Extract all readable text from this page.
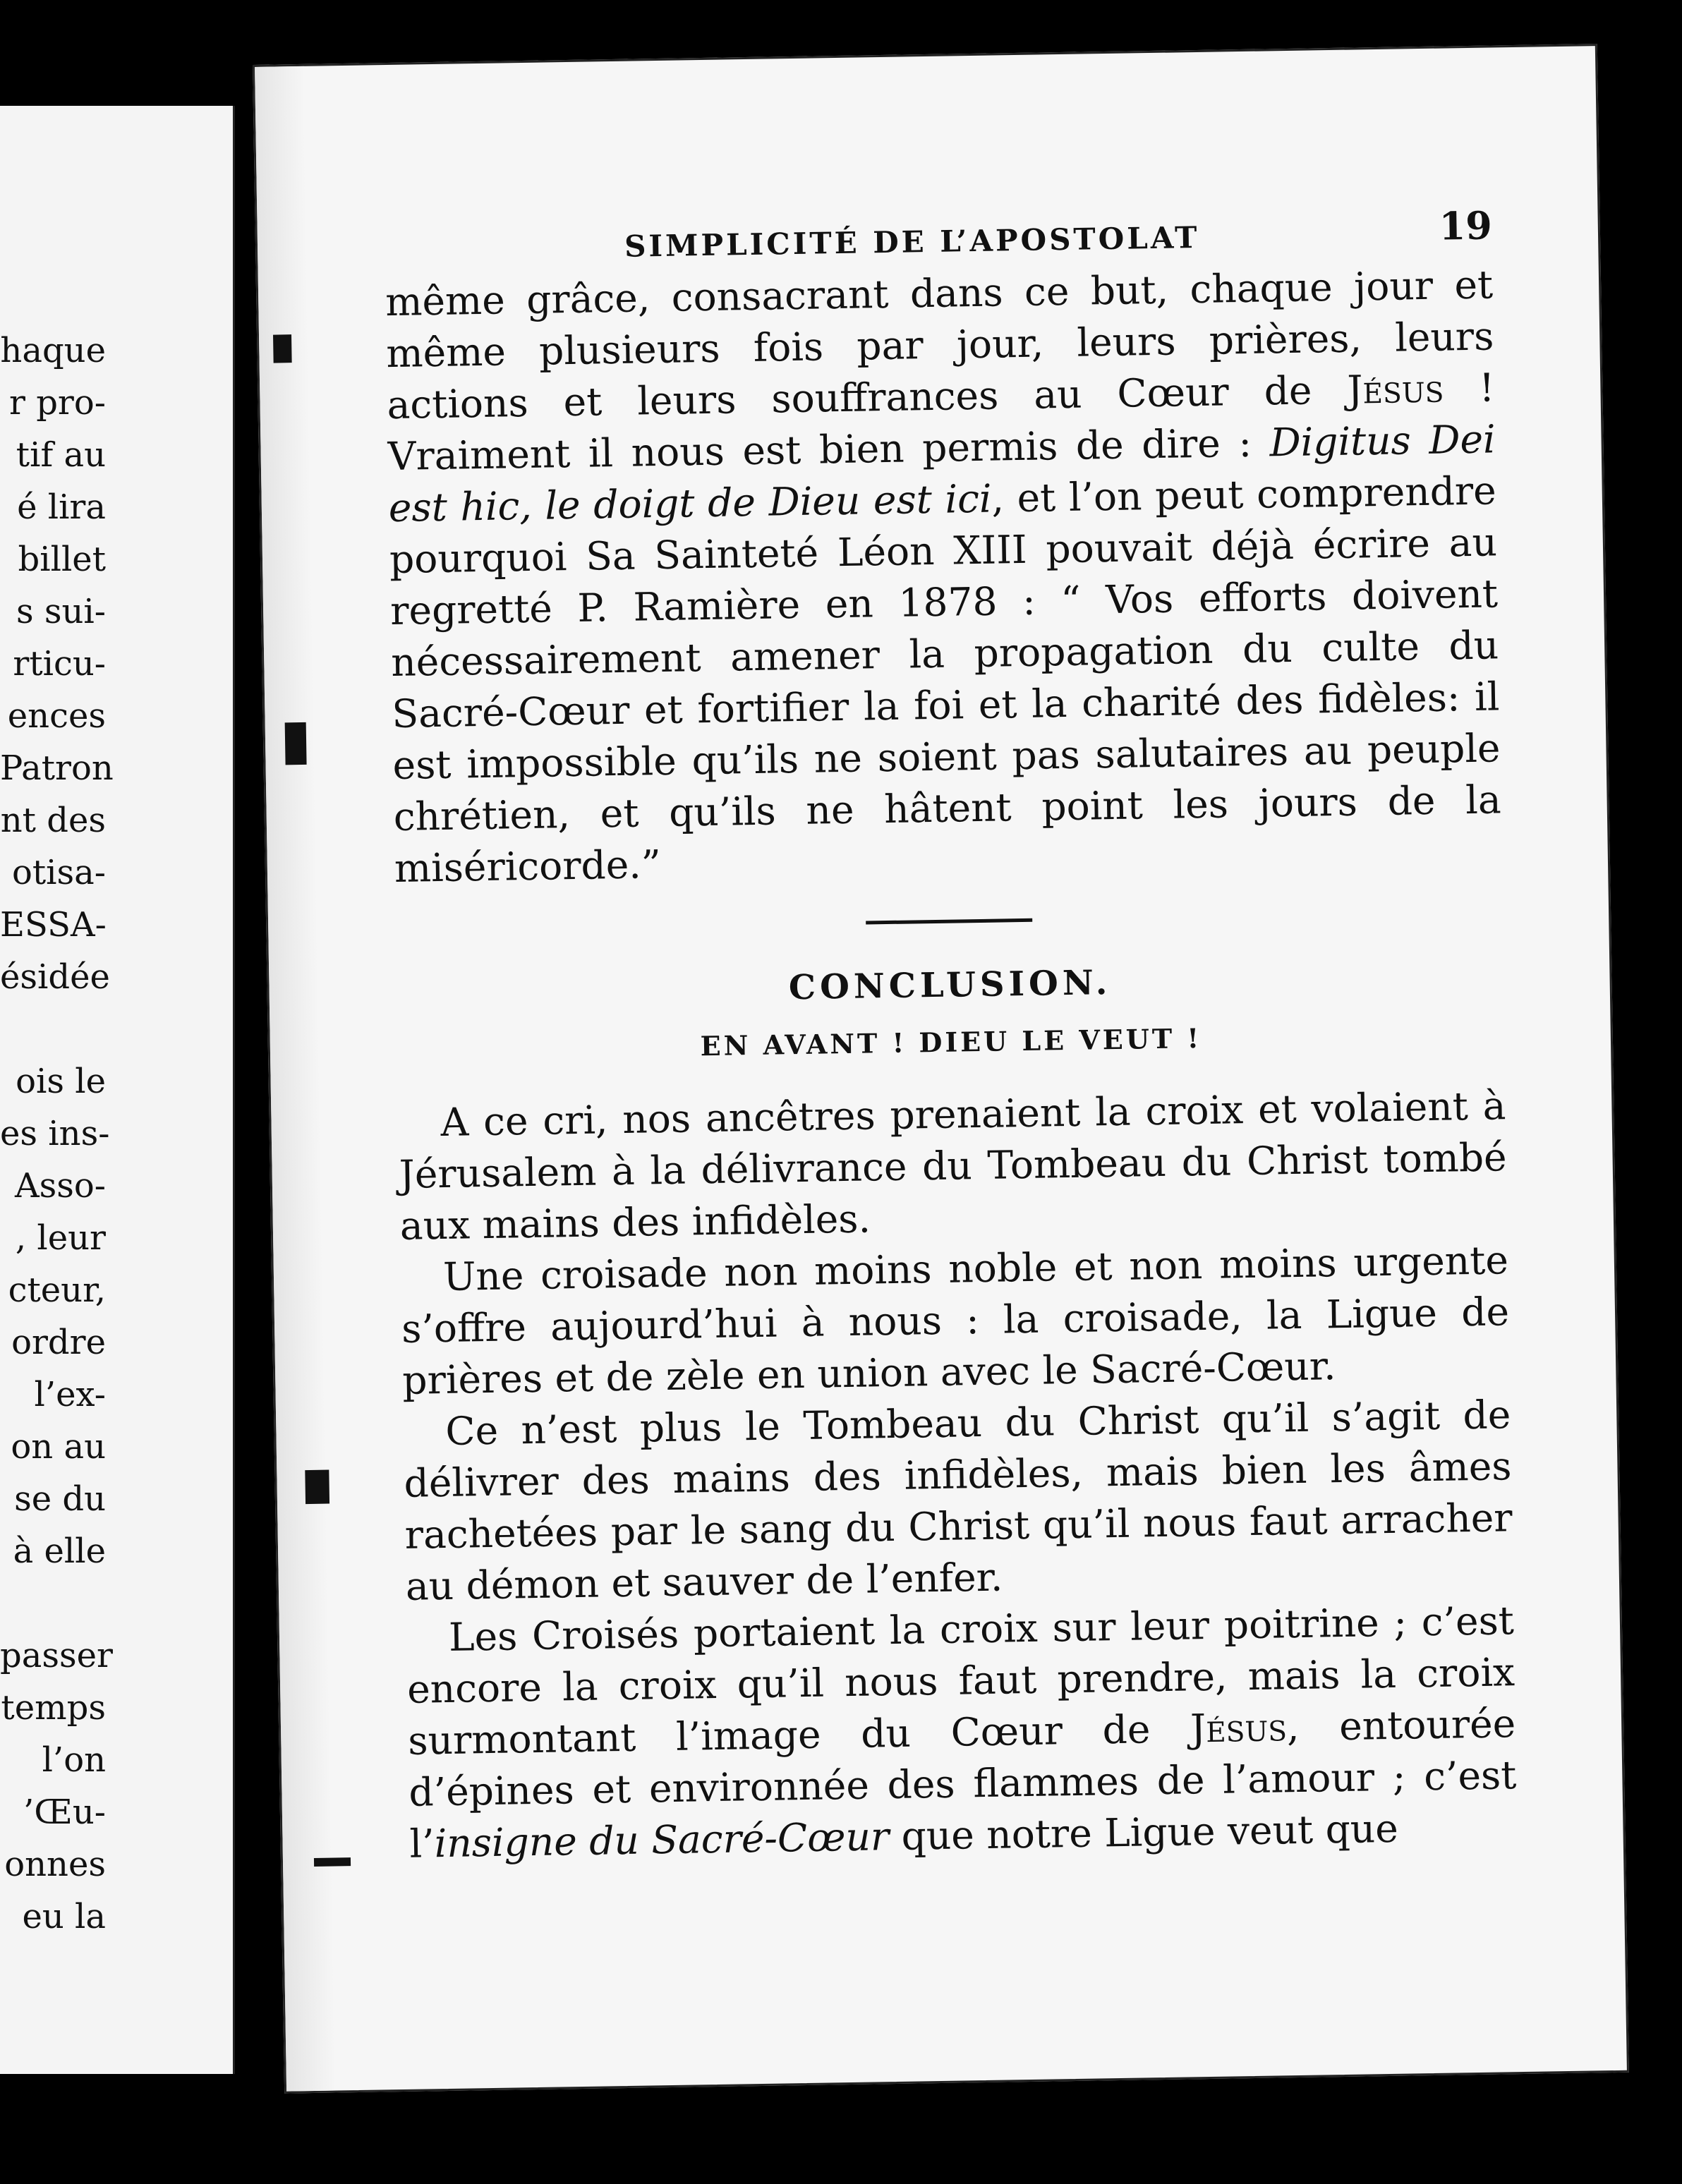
haque
r pro-
tif au
é lira
billet
s sui-
rticu-
ences
Patron
nt des
otisa-
ESSA-
ésidée
ois le
es ins-
Asso-
, leur
cteur,
ordre
l’ex-
on au
se du
à elle
passer
temps
l’on
’Œu-
onnes
eu la
SIMPLICITÉ DE L’APOSTOLAT	19

même grâce, consacrant dans ce but, chaque jour et même plusieurs fois par jour, leurs prières, leurs actions et leurs souffrances au Cœur de Jésus ! Vraiment il nous est bien permis de dire : Digitus Dei est hic, le doigt de Dieu est ici, et l’on peut comprendre pourquoi Sa Sainteté Léon XIII pouvait déjà écrire au regretté P. Ramière en 1878 : “ Vos efforts doivent nécessairement amener la propagation du culte du Sacré-Cœur et fortifier la foi et la charité des fidèles: il est impossible qu’ils ne soient pas salutaires au peuple chrétien, et qu’ils ne hâtent point les jours de la miséricorde.”

CONCLUSION.
EN AVANT ! DIEU LE VEUT !

A ce cri, nos ancêtres prenaient la croix et volaient à Jérusalem à la délivrance du Tombeau du Christ tombé aux mains des infidèles.

Une croisade non moins noble et non moins urgente s’offre aujourd’hui à nous : la croisade, la Ligue de prières et de zèle en union avec le Sacré-Cœur.

Ce n’est plus le Tombeau du Christ qu’il s’agit de délivrer des mains des infidèles, mais bien les âmes rachetées par le sang du Christ qu’il nous faut arracher au démon et sauver de l’enfer.

Les Croisés portaient la croix sur leur poitrine ; c’est encore la croix qu’il nous faut prendre, mais la croix surmontant l’image du Cœur de Jésus, entourée d’épines et environnée des flammes de l’amour ; c’est l’insigne du Sacré-Cœur que notre Ligue veut que
